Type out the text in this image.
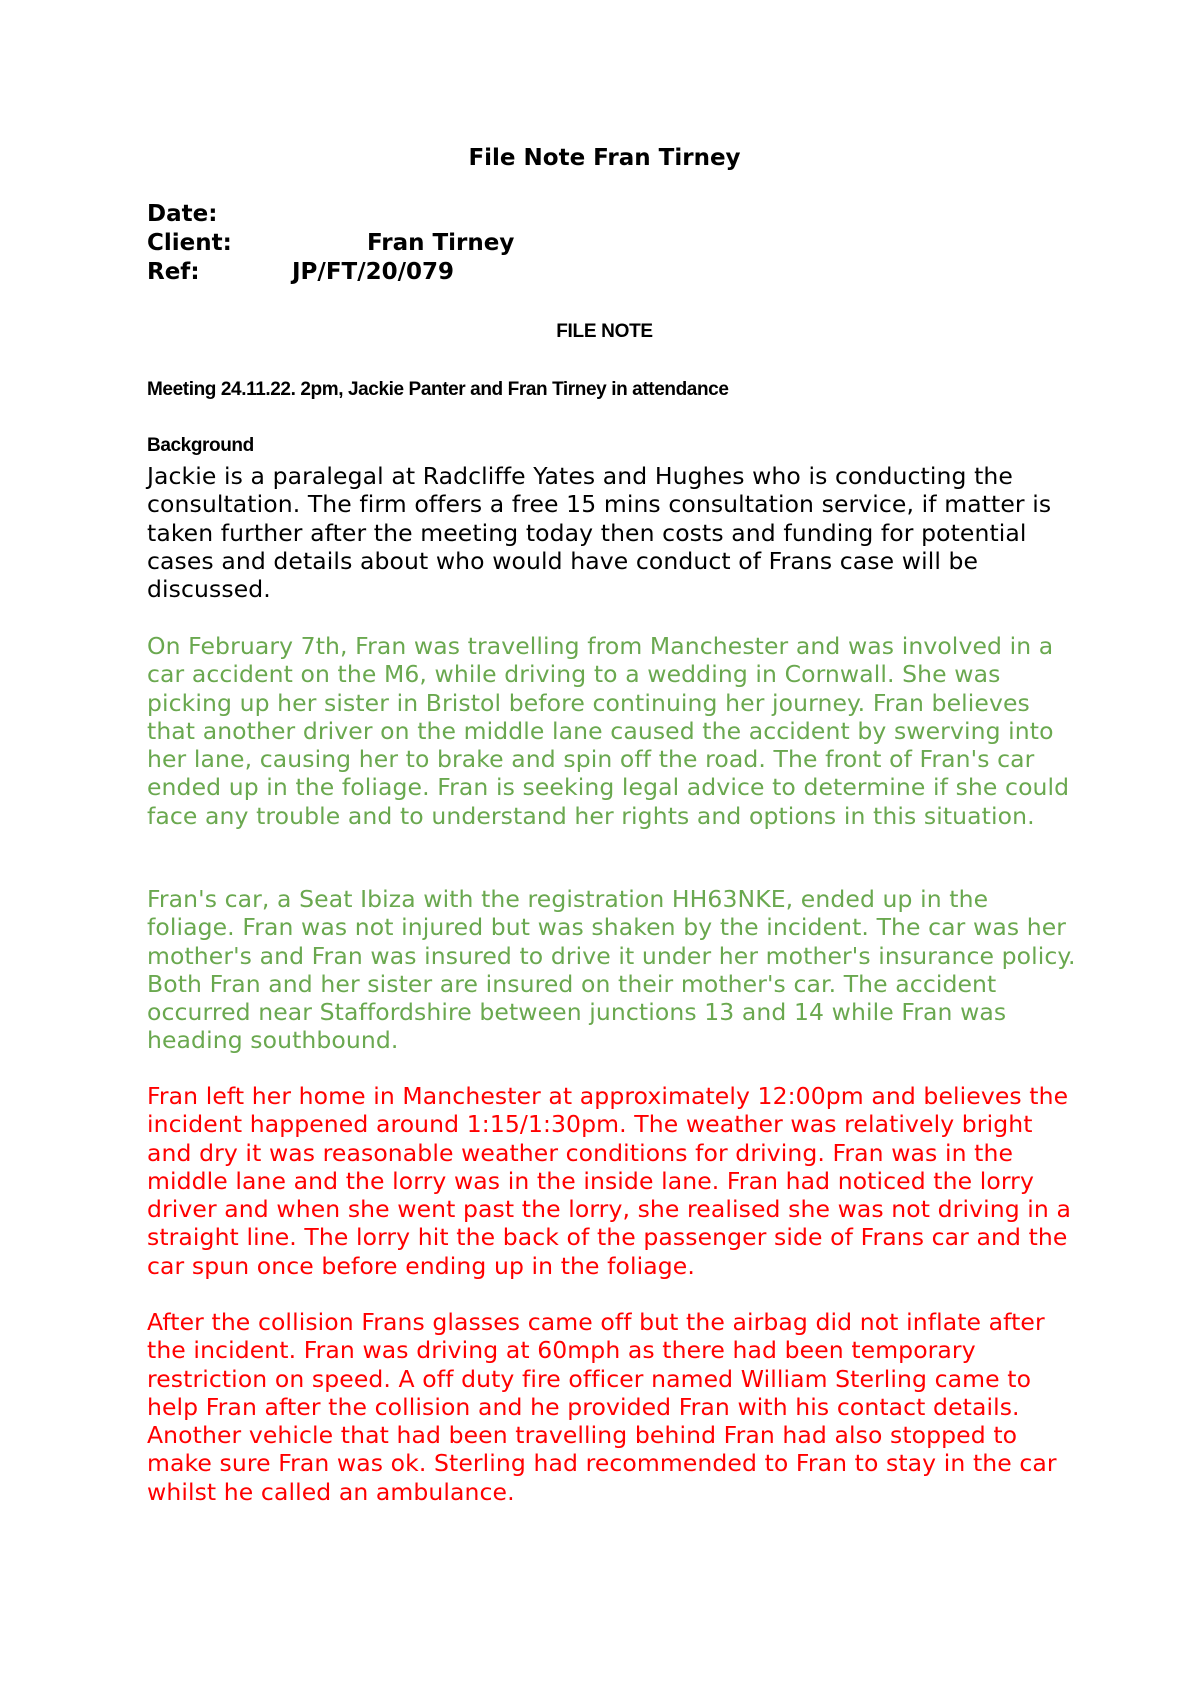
File Note Fran Tirney
Date:
Client:	Fran Tirney
Ref:	JP/FT/20/079
FILE NOTE

Meeting 24.11.22. 2pm, Jackie Panter and Fran Tirney in attendance

Background

Jackie is a paralegal at Radcliffe Yates and Hughes who is conducting the consultation. The firm offers a free 15 mins consultation service, if matter is taken further after the meeting today then costs and funding for potential cases and details about who would have conduct of Frans case will be discussed.

On February 7th, Fran was travelling from Manchester and was involved in a car accident on the M6, while driving to a wedding in Cornwall. She was picking up her sister in Bristol before continuing her journey. Fran believes that another driver on the middle lane caused the accident by swerving into her lane, causing her to brake and spin off the road. The front of Fran's car ended up in the foliage. Fran is seeking legal advice to determine if she could face any trouble and to understand her rights and options in this situation.

Fran's car, a Seat Ibiza with the registration HH63NKE, ended up in the foliage. Fran was not injured but was shaken by the incident. The car was her mother's and Fran was insured to drive it under her mother's insurance policy. Both Fran and her sister are insured on their mother's car. The accident occurred near Staffordshire between junctions 13 and 14 while Fran was heading southbound.

Fran left her home in Manchester at approximately 12:00pm and believes the incident happened around 1:15/1:30pm. The weather was relatively bright and dry it was reasonable weather conditions for driving. Fran was in the middle lane and the lorry was in the inside lane. Fran had noticed the lorry driver and when she went past the lorry, she realised she was not driving in a straight line. The lorry hit the back of the passenger side of Frans car and the car spun once before ending up in the foliage.

After the collision Frans glasses came off but the airbag did not inflate after the incident. Fran was driving at 60mph as there had been temporary restriction on speed. A off duty fire officer named William Sterling came to help Fran after the collision and he provided Fran with his contact details. Another vehicle that had been travelling behind Fran had also stopped to make sure Fran was ok. Sterling had recommended to Fran to stay in the car whilst he called an ambulance.
